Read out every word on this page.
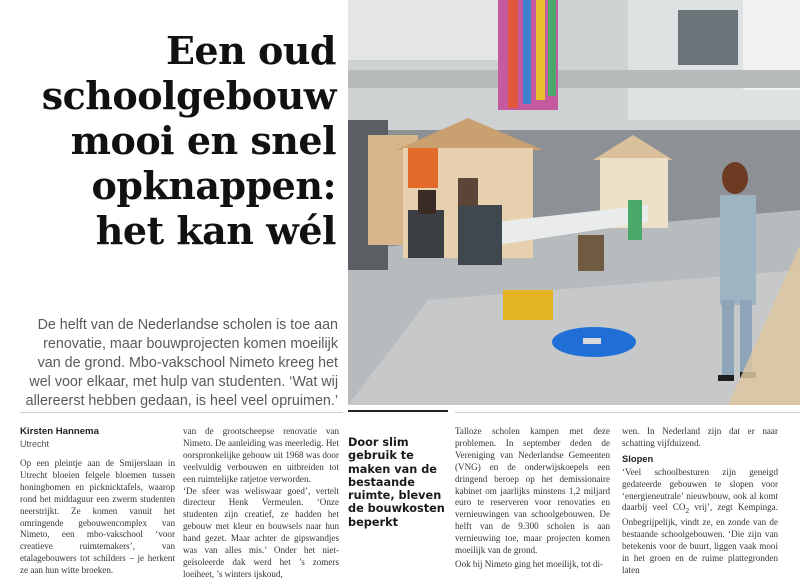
Een oud
schoolgebouw
mooi en snel
opknappen:
het kan wél
De helft van de Nederlandse scholen is toe aan
renovatie, maar bouwprojecten komen moeilijk
van de grond. Mbo-vakschool Nimeto kreeg het
wel voor elkaar, met hulp van studenten. ‘Wat wij
allereerst hebben gedaan, is heel veel opruimen.’
Kirsten Hannema
Utrecht

Op een pleintje aan de Smijerslaan in Utrecht bloeien felgele bloemen tussen honingbomen en picknicktafels, waarop rond het middaguur een zwerm studenten neerstrijkt. Ze komen vanuit het omringende gebouwencomplex van Nimeto, een mbo-vakschool ‘voor creatieve ruimtemakers’, van etalagebouwers tot schilders – je herkent ze aan hun witte broeken.

van de grootscheepse renovatie van Nimeto. De aanleiding was meerledig. Het oorspronkelijke gebouw uit 1968 was door veelvuldig verbouwen en uitbreiden tot een ruimtelijke ratjetoe verworden.

‘De sfeer was weliswaar goed’, vertelt directeur Henk Vermeulen. ‘Onze studenten zijn creatief, ze hadden het gebouw met kleur en bouwsels naar hun hand gezet. Maar achter de gipswandjes was van alles mis.’ Onder het niet-geïsoleerde dak werd het ’s zomers loeiheet, ’s winters ijskoud,

Door slim
gebruik te
maken van de
bestaande
ruimte, bleven
de bouwkosten
beperkt

Talloze scholen kampen met deze problemen. In september deden de Vereniging van Nederlandse Gemeenten (VNG) en de onderwijskoepels een dringend beroep op het demissionaire kabinet om jaarlijks minstens 1,2 miljard euro te reserveren voor renovaties en vernieuwingen van schoolgebouwen. De helft van de 9.300 scholen is aan vernieuwing toe, maar projecten komen moeilijk van de grond.

Ook bij Nimeto ging het moeilijk, tot di-

wen. In Nederland zijn dat er naar schatting vijfduizend.

Slopen

‘Veel schoolbesturen zijn geneigd gedateerde gebouwen te slopen voor ‘energieneutrale’ nieuwbouw, ook al komt daarbij veel $CO_2$ vrij’, zegt Kempinga. Onbegrijpelijk, vindt ze, en zonde van de bestaande schoolgebouwen. ‘Die zijn van betekenis voor de buurt, liggen vaak mooi in het groen en de ruime plattegronden laten
